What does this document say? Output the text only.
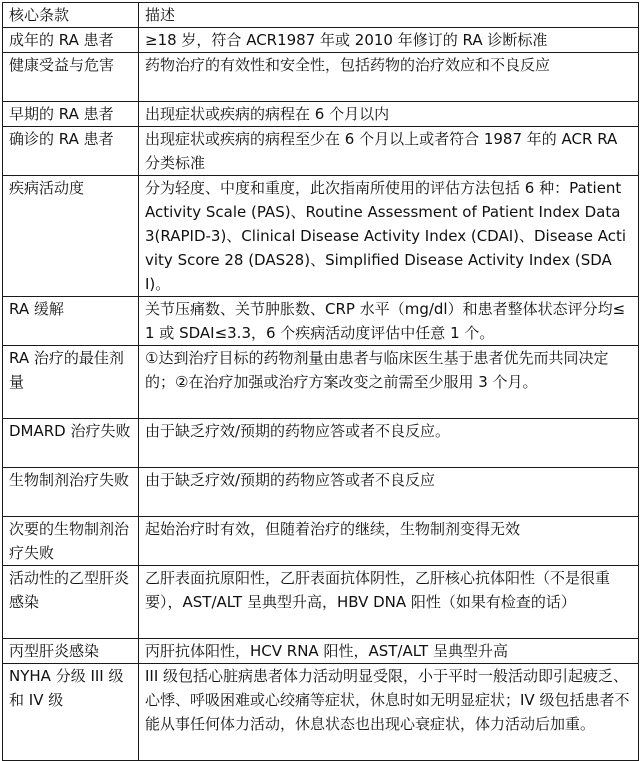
核心条款	描述
成年的 RA 患者	≥18 岁，符合 ACR1987 年或 2010 年修订的 RA 诊断标准
健康受益与危害	药物治疗的有效性和安全性，包括药物的治疗效应和不良反应
早期的 RA 患者	出现症状或疾病的病程在 6 个月以内
确诊的 RA 患者	出现症状或疾病的病程至少在 6 个月以上或者符合 1987 年的 ACR RA 分类标准
疾病活动度	分为轻度、中度和重度，此次指南所使用的评估方法包括 6 种：Patient Activity Scale (PAS)、Routine Assessment of Patient Index Data 3(RAPID-3)、Clinical Disease Activity Index (CDAI)、Disease Activity Score 28 (DAS28)、Simplified Disease Activity Index (SDAI)。
RA 缓解	关节压痛数、关节肿胀数、CRP 水平（mg/dl）和患者整体状态评分均≤1 或 SDAI≤3.3，6 个疾病活动度评估中任意 1 个。
RA 治疗的最佳剂量	①达到治疗目标的药物剂量由患者与临床医生基于患者优先而共同决定的；②在治疗加强或治疗方案改变之前需至少服用 3 个月。
DMARD 治疗失败	由于缺乏疗效/预期的药物应答或者不良反应。
生物制剂治疗失败	由于缺乏疗效/预期的药物应答或者不良反应
次要的生物制剂治疗失败	起始治疗时有效，但随着治疗的继续，生物制剂变得无效
活动性的乙型肝炎感染	乙肝表面抗原阳性，乙肝表面抗体阴性，乙肝核心抗体阳性（不是很重要），AST/ALT 呈典型升高，HBV DNA 阳性（如果有检查的话）
丙型肝炎感染	丙肝抗体阳性，HCV RNA 阳性，AST/ALT 呈典型升高
NYHA 分级 III 级和 IV 级	III 级包括心脏病患者体力活动明显受限，小于平时一般活动即引起疲乏、心悸、呼吸困难或心绞痛等症状，休息时如无明显症状；IV 级包括患者不能从事任何体力活动，休息状态也出现心衰症状，体力活动后加重。
